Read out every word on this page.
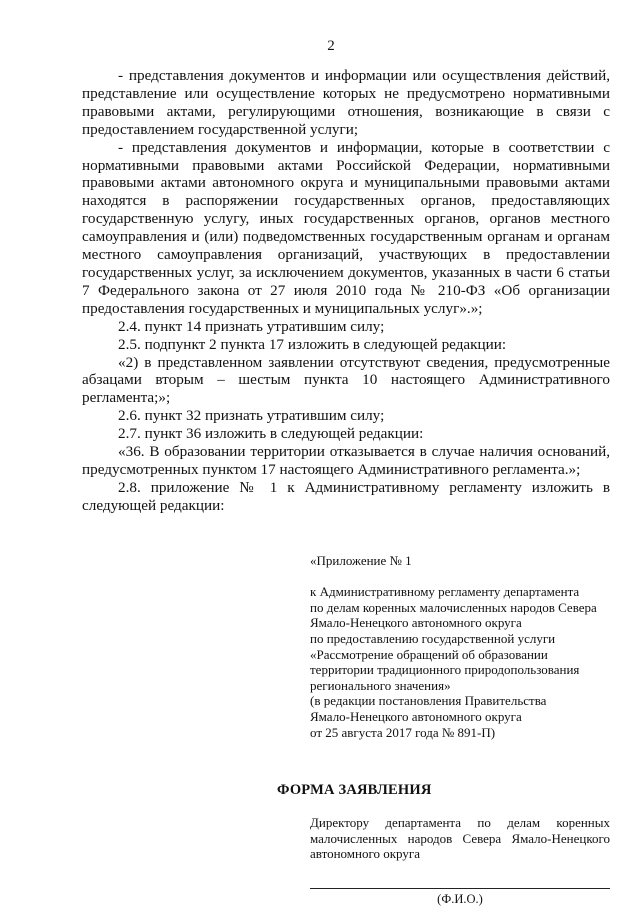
2

- представления документов и информации или осуществления действий, представление или осуществление которых не предусмотрено нормативными правовыми актами, регулирующими отношения, возникающие в связи с предоставлением государственной услуги;

- представления документов и информации, которые в соответствии с нормативными правовыми актами Российской Федерации, нормативными правовыми актами автономного округа и муниципальными правовыми актами находятся в распоряжении государственных органов, предоставляющих государственную услугу, иных государственных органов, органов местного самоуправления и (или) подведомственных государственным органам и органам местного самоуправления организаций, участвующих в предоставлении государственных услуг, за исключением документов, указанных в части 6 статьи 7 Федерального закона от 27 июля 2010 года № 210-ФЗ «Об организации предоставления государственных и муниципальных услуг».»;

2.4. пункт 14 признать утратившим силу;

2.5. подпункт 2 пункта 17 изложить в следующей редакции:

«2) в представленном заявлении отсутствуют сведения, предусмотренные абзацами вторым – шестым пункта 10 настоящего Административного регламента;»;

2.6. пункт 32 признать утратившим силу;

2.7. пункт 36 изложить в следующей редакции:

«36. В образовании территории отказывается в случае наличия оснований, предусмотренных пунктом 17 настоящего Административного регламента.»;

2.8. приложение № 1 к Административному регламенту изложить в следующей редакции:

«Приложение № 1
к Административному регламенту департамента
по делам коренных малочисленных народов Севера
Ямало-Ненецкого автономного округа
по предоставлению государственной услуги
«Рассмотрение обращений об образовании
территории традиционного природопользования
регионального значения»
(в редакции постановления Правительства
Ямало-Ненецкого автономного округа
от 25 августа 2017 года № 891-П)
ФОРМА ЗАЯВЛЕНИЯ
Директору департамента по делам коренных малочисленных народов Севера Ямало-Ненецкого автономного округа
(Ф.И.О.)
